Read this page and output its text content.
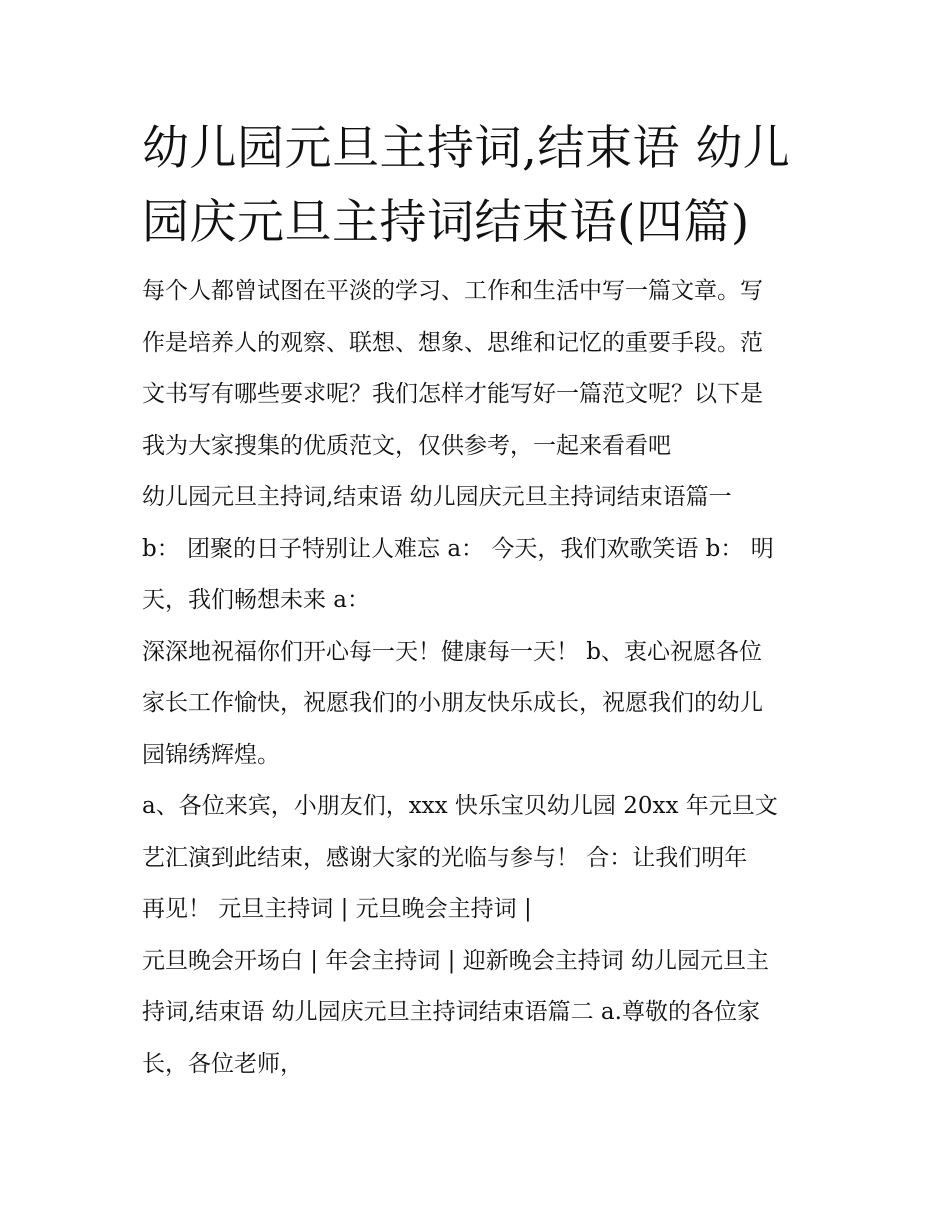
幼儿园元旦主持词,结束语 幼儿
园庆元旦主持词结束语(四篇)
每个人都曾试图在平淡的学习、工作和生活中写一篇文章。写
作是培养人的观察、联想、想象、思维和记忆的重要手段。范
文书写有哪些要求呢？我们怎样才能写好一篇范文呢？以下是
我为大家搜集的优质范文，仅供参考，一起来看看吧
幼儿园元旦主持词,结束语 幼儿园庆元旦主持词结束语篇一
b： 团聚的日子特别让人难忘 a： 今天，我们欢歌笑语 b： 明
天，我们畅想未来 a：
深深地祝福你们开心每一天！健康每一天！ b、衷心祝愿各位
家长工作愉快，祝愿我们的小朋友快乐成长，祝愿我们的幼儿
园锦绣辉煌。
a、各位来宾，小朋友们，xxx 快乐宝贝幼儿园 20xx 年元旦文
艺汇演到此结束，感谢大家的光临与参与！ 合：让我们明年
再见！ 元旦主持词 | 元旦晚会主持词 |
元旦晚会开场白 | 年会主持词 | 迎新晚会主持词 幼儿园元旦主
持词,结束语 幼儿园庆元旦主持词结束语篇二 a.尊敬的各位家
长，各位老师，
